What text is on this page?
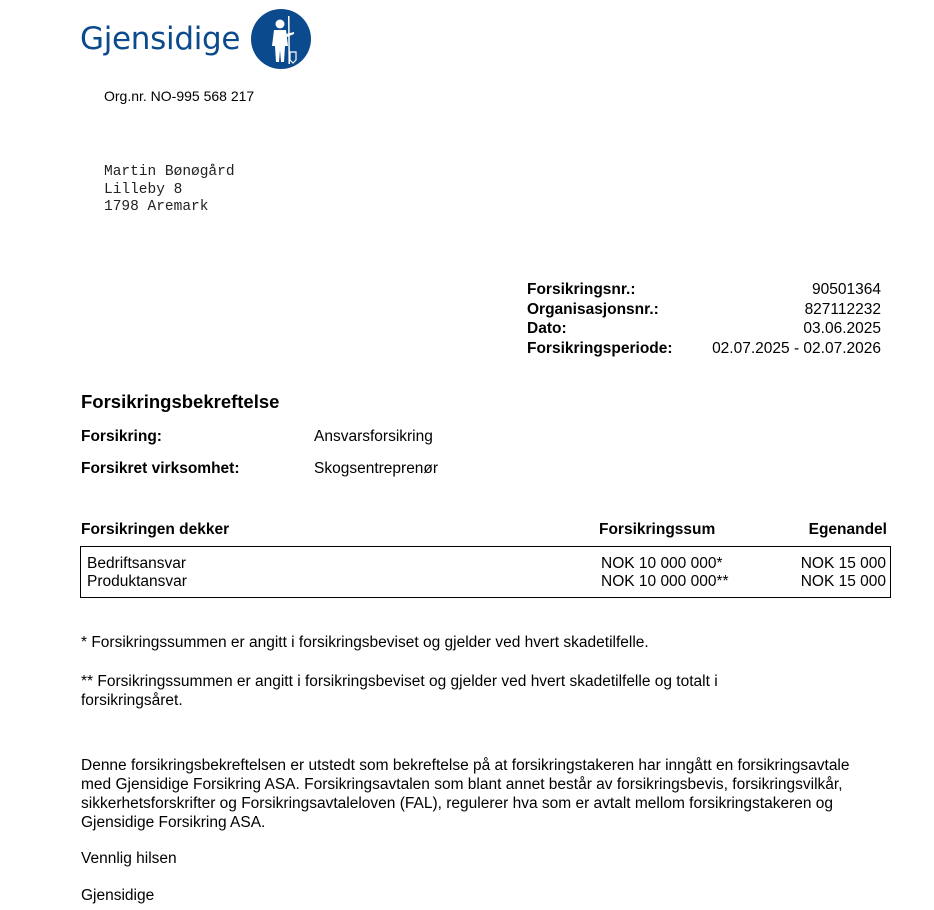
Gjensidige
Org.nr. NO-995 568 217
Martin Bønøgård
Lilleby 8
1798 Aremark
Forsikringsnr.:	90501364
Organisasjonsnr.:	827112232
Dato:	03.06.2025
Forsikringsperiode:	02.07.2025 - 02.07.2026
Forsikringsbekreftelse
Forsikring:	Ansvarsforsikring
Forsikret virksomhet:	Skogsentreprenør
Forsikringen dekker	Forsikringssum	Egenandel
Bedriftsansvar	NOK 10 000 000*	NOK 15 000
Produktansvar	NOK 10 000 000**	NOK 15 000
* Forsikringssummen er angitt i forsikringsbeviset og gjelder ved hvert skadetilfelle.
** Forsikringssummen er angitt i forsikringsbeviset og gjelder ved hvert skadetilfelle og totalt i forsikringsåret.
Denne forsikringsbekreftelsen er utstedt som bekreftelse på at forsikringstakeren har inngått en forsikringsavtale med Gjensidige Forsikring ASA. Forsikringsavtalen som blant annet består av forsikringsbevis, forsikringsvilkår, sikkerhetsforskrifter og Forsikringsavtaleloven (FAL), regulerer hva som er avtalt mellom forsikringstakeren og Gjensidige Forsikring ASA.
Vennlig hilsen
Gjensidige
